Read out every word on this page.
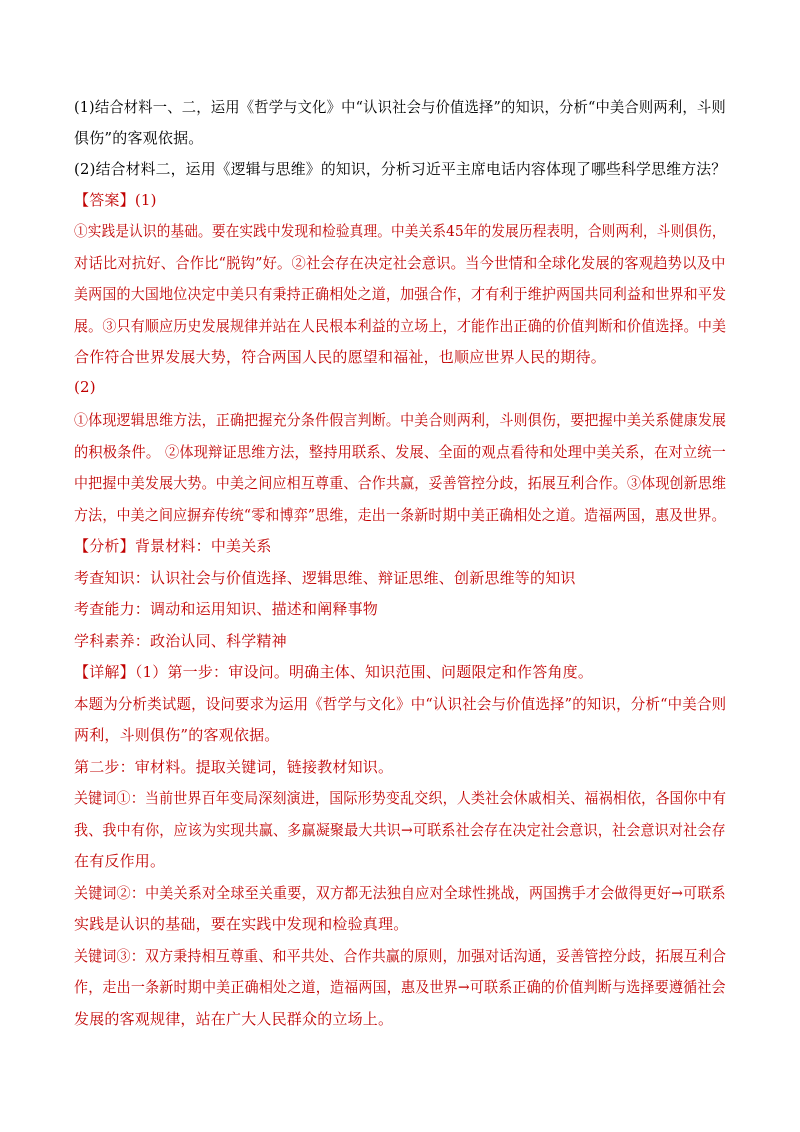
(1)结合材料一、二，运用《哲学与文化》中“认识社会与价值选择”的知识，分析“中美合则两利，斗则
俱伤”的客观依据。
(2)结合材料二，运用《逻辑与思维》的知识，分析习近平主席电话内容体现了哪些科学思维方法？
【答案】(1)
①实践是认识的基础。要在实践中发现和检验真理。中美关系45年的发展历程表明，合则两利，斗则俱伤，
对话比对抗好、合作比“脱钩”好。②社会存在决定社会意识。当今世情和全球化发展的客观趋势以及中
美两国的大国地位决定中美只有秉持正确相处之道，加强合作，才有利于维护两国共同利益和世界和平发
展。③只有顺应历史发展规律并站在人民根本利益的立场上，才能作出正确的价值判断和价值选择。中美
合作符合世界发展大势，符合两国人民的愿望和福祉，也顺应世界人民的期待。
(2)
①体现逻辑思维方法，正确把握充分条件假言判断。中美合则两利，斗则俱伤，要把握中美关系健康发展
的积极条件。 ②体现辩证思维方法，整持用联系、发展、全面的观点看待和处理中美关系，在对立统一
中把握中美发展大势。中美之间应相互尊重、合作共赢，妥善管控分歧，拓展互利合作。③体现创新思维
方法，中美之间应摒弃传统“零和博弈”思维，走出一条新时期中美正确相处之道。造福两国，惠及世界。
【分析】背景材料：中美关系
考查知识：认识社会与价值选择、逻辑思维、辩证思维、创新思维等的知识
考查能力：调动和运用知识、描述和阐释事物
学科素养：政治认同、科学精神
【详解】（1）第一步：审设问。明确主体、知识范围、问题限定和作答角度。
本题为分析类试题，设问要求为运用《哲学与文化》中“认识社会与价值选择”的知识，分析“中美合则
两利，斗则俱伤”的客观依据。
第二步：审材料。提取关键词，链接教材知识。
关键词①：当前世界百年变局深刻演进，国际形势变乱交织，人类社会休戚相关、福祸相依，各国你中有
我、我中有你，应该为实现共赢、多赢凝聚最大共识→可联系社会存在决定社会意识，社会意识对社会存
在有反作用。
关键词②：中美关系对全球至关重要，双方都无法独自应对全球性挑战，两国携手才会做得更好→可联系
实践是认识的基础，要在实践中发现和检验真理。
关键词③：双方秉持相互尊重、和平共处、合作共赢的原则，加强对话沟通，妥善管控分歧，拓展互利合
作，走出一条新时期中美正确相处之道，造福两国，惠及世界→可联系正确的价值判断与选择要遵循社会
发展的客观规律，站在广大人民群众的立场上。
